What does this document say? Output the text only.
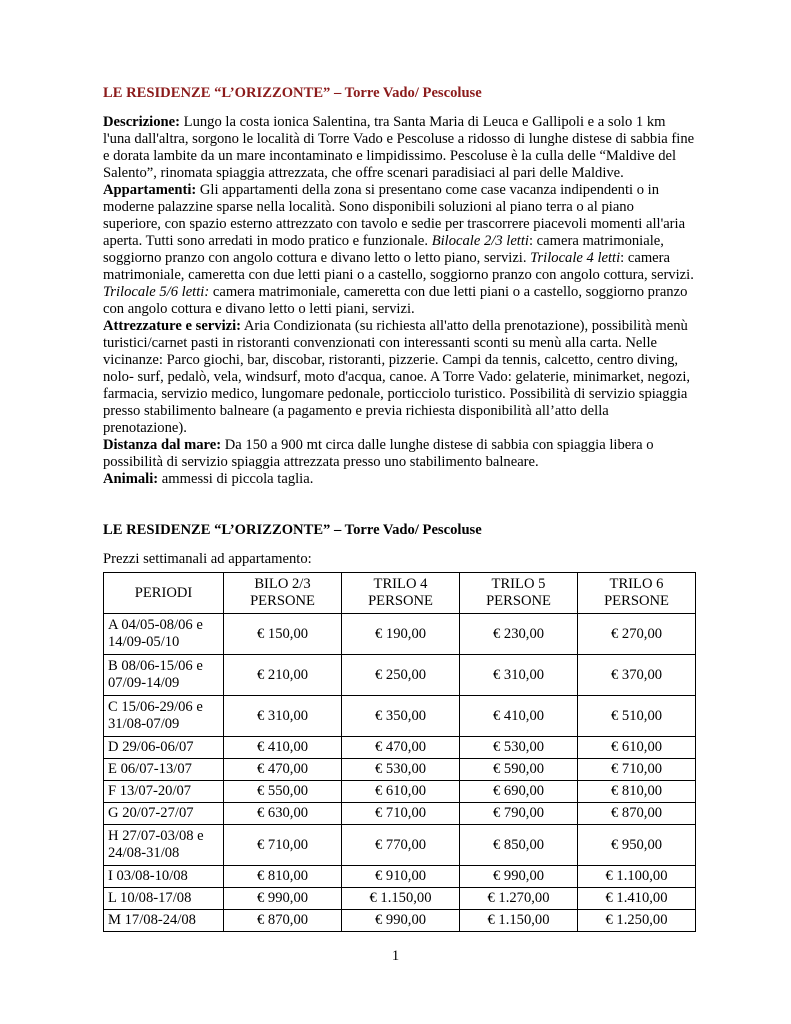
LE RESIDENZE “L’ORIZZONTE” – Torre Vado/ Pescoluse

Descrizione: Lungo la costa ionica Salentina, tra Santa Maria di Leuca e Gallipoli e a solo 1 km l'una dall'altra, sorgono le località di Torre Vado e Pescoluse a ridosso di lunghe distese di sabbia fine e dorata lambite da un mare incontaminato e limpidissimo. Pescoluse è la culla delle “Maldive del Salento”, rinomata spiaggia attrezzata, che offre scenari paradisiaci al pari delle Maldive.

Appartamenti: Gli appartamenti della zona si presentano come case vacanza indipendenti o in moderne palazzine sparse nella località. Sono disponibili soluzioni al piano terra o al piano superiore, con spazio esterno attrezzato con tavolo e sedie per trascorrere piacevoli momenti all'aria aperta. Tutti sono arredati in modo pratico e funzionale. Bilocale 2/3 letti: camera matrimoniale, soggiorno pranzo con angolo cottura e divano letto o letto piano, servizi. Trilocale 4 letti: camera matrimoniale, cameretta con due letti piani o a castello, soggiorno pranzo con angolo cottura, servizi. Trilocale 5/6 letti: camera matrimoniale, cameretta con due letti piani o a castello, soggiorno pranzo con angolo cottura e divano letto o letti piani, servizi.

Attrezzature e servizi: Aria Condizionata (su richiesta all'atto della prenotazione), possibilità menù turistici/carnet pasti in ristoranti convenzionati con interessanti sconti su menù alla carta. Nelle vicinanze: Parco giochi, bar, discobar, ristoranti, pizzerie. Campi da tennis, calcetto, centro diving, nolo- surf, pedalò, vela, windsurf, moto d'acqua, canoe. A Torre Vado: gelaterie, minimarket, negozi, farmacia, servizio medico, lungomare pedonale, porticciolo turistico. Possibilità di servizio spiaggia presso stabilimento balneare (a pagamento e previa richiesta disponibilità all’atto della prenotazione).

Distanza dal mare: Da 150 a 900 mt circa dalle lunghe distese di sabbia con spiaggia libera o possibilità di servizio spiaggia attrezzata presso uno stabilimento balneare.

Animali: ammessi di piccola taglia.

LE RESIDENZE “L’ORIZZONTE” – Torre Vado/ Pescoluse

Prezzi settimanali ad appartamento:

PERIODI	BILO 2/3 PERSONE	TRILO 4 PERSONE	TRILO 5 PERSONE	TRILO 6 PERSONE
A 04/05-08/06 e 14/09-05/10	€ 150,00	€ 190,00	€ 230,00	€ 270,00
B 08/06-15/06 e 07/09-14/09	€ 210,00	€ 250,00	€ 310,00	€ 370,00
C 15/06-29/06 e 31/08-07/09	€ 310,00	€ 350,00	€ 410,00	€ 510,00
D 29/06-06/07	€ 410,00	€ 470,00	€ 530,00	€ 610,00
E 06/07-13/07	€ 470,00	€ 530,00	€ 590,00	€ 710,00
F 13/07-20/07	€ 550,00	€ 610,00	€ 690,00	€ 810,00
G 20/07-27/07	€ 630,00	€ 710,00	€ 790,00	€ 870,00
H 27/07-03/08 e 24/08-31/08	€ 710,00	€ 770,00	€ 850,00	€ 950,00
I 03/08-10/08	€ 810,00	€ 910,00	€ 990,00	€ 1.100,00
L 10/08-17/08	€ 990,00	€ 1.150,00	€ 1.270,00	€ 1.410,00
M 17/08-24/08	€ 870,00	€ 990,00	€ 1.150,00	€ 1.250,00
1
